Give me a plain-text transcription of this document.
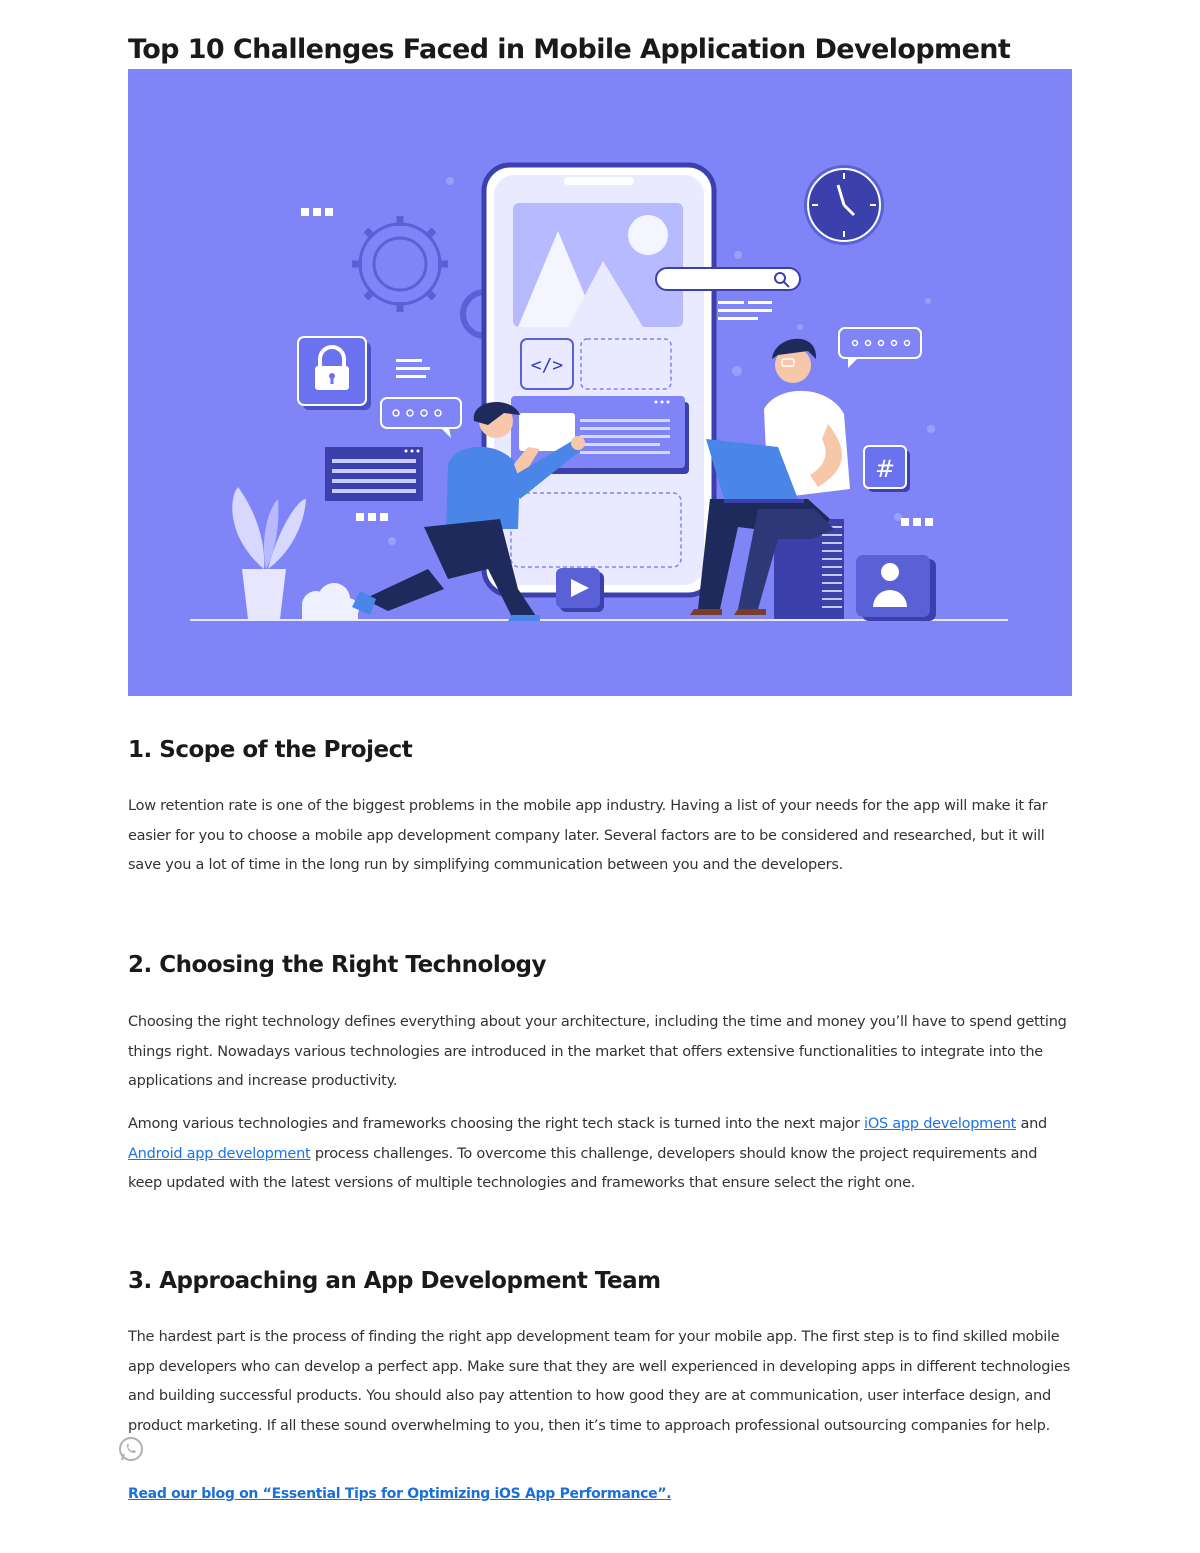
Top 10 Challenges Faced in Mobile Application Development
</>
#
1. Scope of the Project

Low retention rate is one of the biggest problems in the mobile app industry. Having a list of your needs for the app will make it far easier for you to choose a mobile app development company later. Several factors are to be considered and researched, but it will save you a lot of time in the long run by simplifying communication between you and the developers.

2. Choosing the Right Technology

Choosing the right technology defines everything about your architecture, including the time and money you’ll have to spend getting things right. Nowadays various technologies are introduced in the market that offers extensive functionalities to integrate into the applications and increase productivity.

Among various technologies and frameworks choosing the right tech stack is turned into the next major iOS app development and Android app development process challenges. To overcome this challenge, developers should know the project requirements and keep updated with the latest versions of multiple technologies and frameworks that ensure select the right one.

3. Approaching an App Development Team

The hardest part is the process of finding the right app development team for your mobile app. The first step is to find skilled mobile app developers who can develop a perfect app. Make sure that they are well experienced in developing apps in different technologies and building successful products. You should also pay attention to how good they are at communication, user interface design, and product marketing. If all these sound overwhelming to you, then it’s time to approach professional outsourcing companies for help.

Read our blog on “Essential Tips for Optimizing iOS App Performance”.
